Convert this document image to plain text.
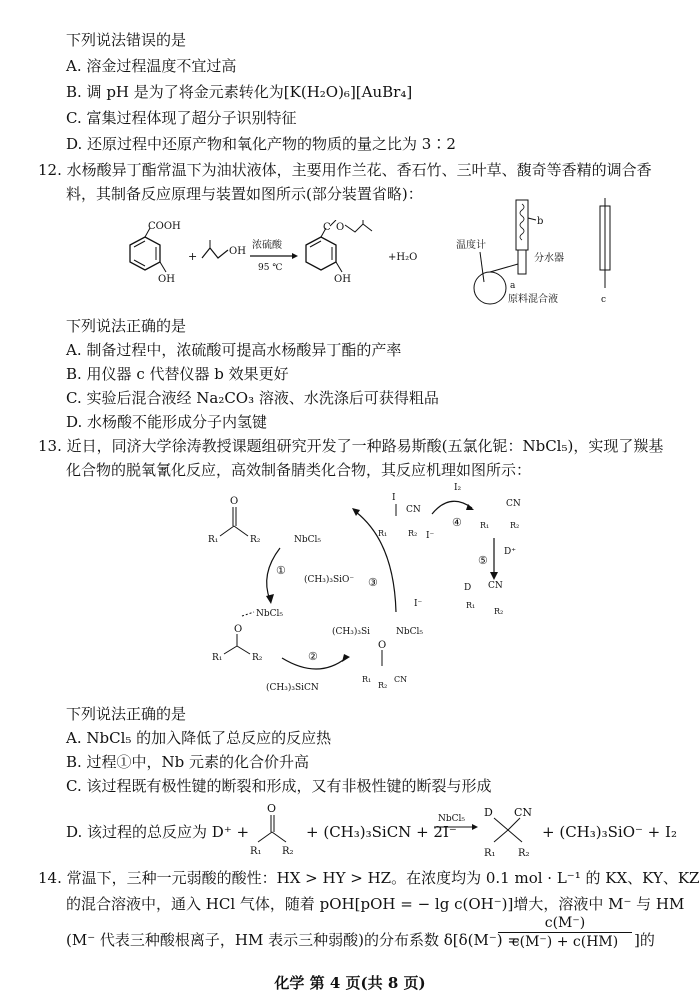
下列说法错误的是
A. 溶金过程温度不宜过高
B. 调 pH 是为了将金元素转化为[K(H₂O)₆][AuBr₄]
C. 富集过程体现了超分子识别特征
D. 还原过程中还原产物和氧化产物的物质的量之比为 3∶2
12. 水杨酸异丁酯常温下为油状液体，主要用作兰花、香石竹、三叶草、馥奇等香精的调合香
料，其制备反应原理与装置如图所示(部分装置省略)：
COOH
OH
+	OH
浓硫酸
95 ℃
C O
OH
+H₂O
b
分水器
温度计
a
原料混合液	c
下列说法正确的是
A. 制备过程中，浓硫酸可提高水杨酸异丁酯的产率
B. 用仪器 c 代替仪器 b 效果更好
C. 实验后混合液经 Na₂CO₃ 溶液、水洗涤后可获得粗品
D. 水杨酸不能形成分子内氢键
13. 近日，同济大学徐涛教授课题组研究开发了一种路易斯酸(五氯化铌：NbCl₅)，实现了羰基
化合物的脱氧氰化反应，高效制备腈类化合物，其反应机理如图所示：
O
R₁	R₂	NbCl₅
①
NbCl₅
O
R₁	R₂	②
(CH₃)₃SiCN
(CH₃)₃Si	NbCl₅
O
R₁
R₂
CN
③
(CH₃)₃SiO⁻
I⁻
I
CN
R₁	R₂
④
I₂
I⁻
CN
R₁	R₂
⑤
D⁺
D CN
R₁
R₂
下列说法正确的是
A. NbCl₅ 的加入降低了总反应的反应热
B. 过程①中，Nb 元素的化合价升高
C. 该过程既有极性键的断裂和形成，又有非极性键的断裂与形成
D. 该过程的总反应为 D⁺ +
O
R₁ R₂
+ (CH₃)₃SiCN + 2I⁻
NbCl₅ D CN
R₁ R₂
+ (CH₃)₃SiO⁻ + I₂
14. 常温下，三种一元弱酸的酸性：HX > HY > HZ。在浓度均为 0.1 mol · L⁻¹ 的 KX、KY、KZ
的混合溶液中，通入 HCl 气体，随着 pOH[pOH = − lg c(OH⁻)]增大，溶液中 M⁻ 与 HM
(M⁻ 代表三种酸根离子，HM 表示三种弱酸)的分布系数 δ[δ(M⁻) =
$\frac{c(M^-)}{c(M^-) + c(HM)}$ ]的
化学 第 4 页(共 8 页)
